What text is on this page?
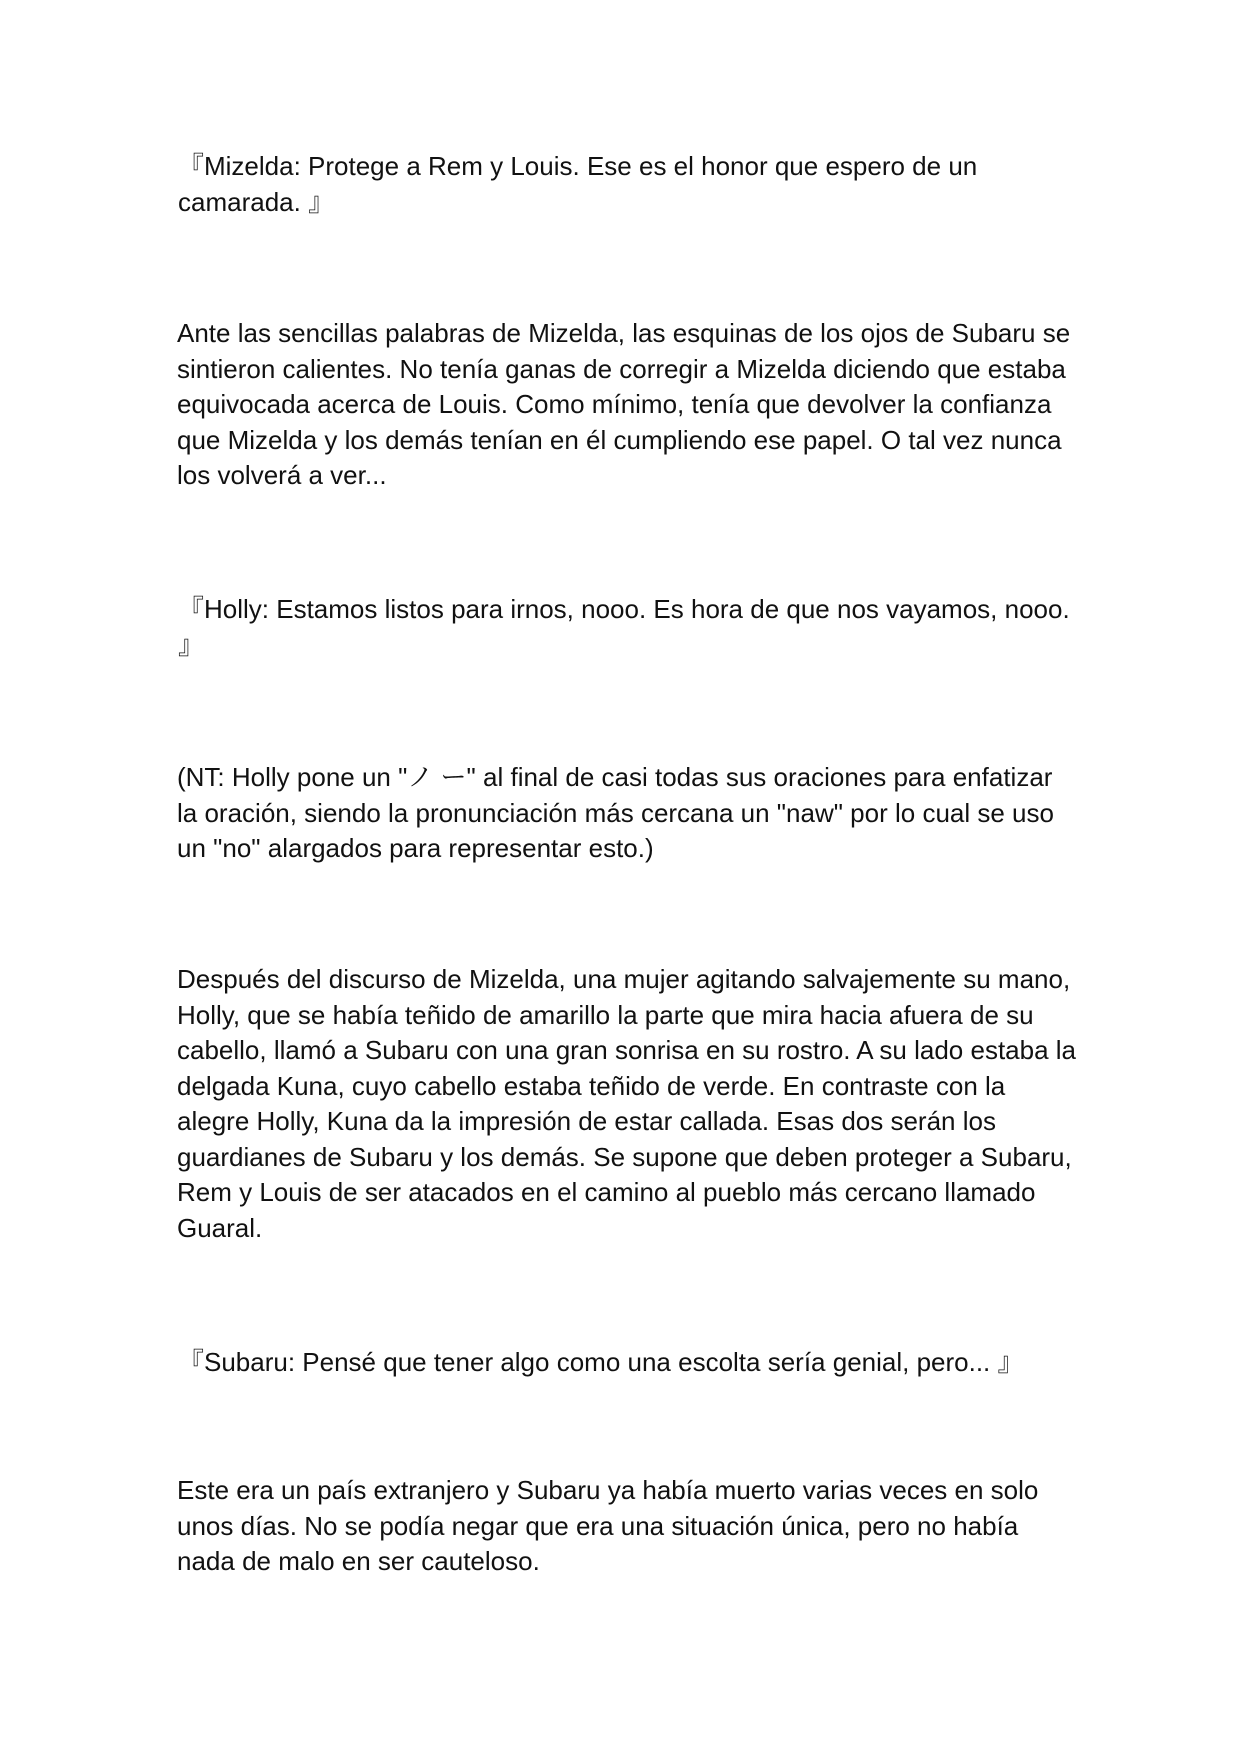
『Mizelda: Protege a Rem y Louis. Ese es el honor que espero de un camarada. 』

Ante las sencillas palabras de Mizelda, las esquinas de los ojos de Subaru se sintieron calientes. No tenía ganas de corregir a Mizelda diciendo que estaba equivocada acerca de Louis. Como mínimo, tenía que devolver la confianza que Mizelda y los demás tenían en él cumpliendo ese papel. O tal vez nunca los volverá a ver...

『Holly: Estamos listos para irnos, nooo. Es hora de que nos vayamos, nooo. 』

(NT: Holly pone un "ノ ー" al final de casi todas sus oraciones para enfatizar la oración, siendo la pronunciación más cercana un "naw" por lo cual se uso un "no" alargados para representar esto.)

Después del discurso de Mizelda, una mujer agitando salvajemente su mano, Holly, que se había teñido de amarillo la parte que mira hacia afuera de su cabello, llamó a Subaru con una gran sonrisa en su rostro. A su lado estaba la delgada Kuna, cuyo cabello estaba teñido de verde. En contraste con la alegre Holly, Kuna da la impresión de estar callada. Esas dos serán los guardianes de Subaru y los demás. Se supone que deben proteger a Subaru, Rem y Louis de ser atacados en el camino al pueblo más cercano llamado Guaral.

『Subaru: Pensé que tener algo como una escolta sería genial, pero... 』

Este era un país extranjero y Subaru ya había muerto varias veces en solo unos días. No se podía negar que era una situación única, pero no había nada de malo en ser cauteloso.
